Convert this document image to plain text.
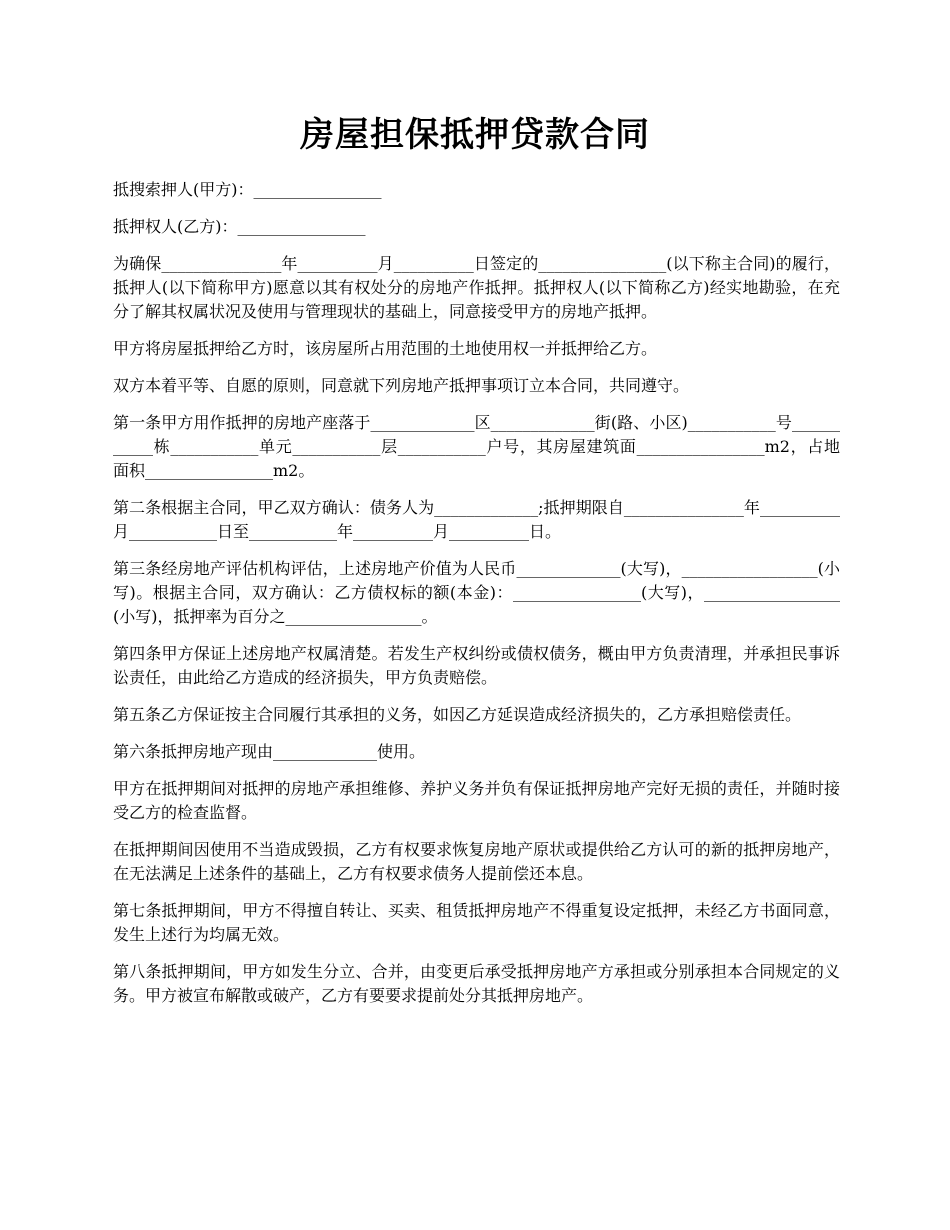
房屋担保抵押贷款合同

抵搜索押人(甲方)：________________

抵押权人(乙方)：________________

为确保_______________年__________月__________日签定的________________(以下称主合同)的履行，抵押人(以下简称甲方)愿意以其有权处分的房地产作抵押。抵押权人(以下简称乙方)经实地勘验，在充分了解其权属状况及使用与管理现状的基础上，同意接受甲方的房地产抵押。

甲方将房屋抵押给乙方时，该房屋所占用范围的土地使用权一并抵押给乙方。

双方本着平等、自愿的原则，同意就下列房地产抵押事项订立本合同，共同遵守。

第一条甲方用作抵押的房地产座落于_____________区_____________街(路、小区)___________号___________栋___________单元___________层___________户号，其房屋建筑面________________m2，占地面积________________m2。

第二条根据主合同，甲乙双方确认：债务人为_____________;抵押期限自_______________年__________月___________日至___________年__________月__________日。

第三条经房地产评估机构评估，上述房地产价值为人民币_____________(大写)，_________________(小写)。根据主合同，双方确认：乙方债权标的额(本金)：________________(大写)，_________________(小写)，抵押率为百分之_________________。

第四条甲方保证上述房地产权属清楚。若发生产权纠纷或债权债务，概由甲方负责清理，并承担民事诉讼责任，由此给乙方造成的经济损失，甲方负责赔偿。

第五条乙方保证按主合同履行其承担的义务，如因乙方延误造成经济损失的，乙方承担赔偿责任。

第六条抵押房地产现由_____________使用。

甲方在抵押期间对抵押的房地产承担维修、养护义务并负有保证抵押房地产完好无损的责任，并随时接受乙方的检查监督。

在抵押期间因使用不当造成毁损，乙方有权要求恢复房地产原状或提供给乙方认可的新的抵押房地产，在无法满足上述条件的基础上，乙方有权要求债务人提前偿还本息。

第七条抵押期间，甲方不得擅自转让、买卖、租赁抵押房地产不得重复设定抵押，未经乙方书面同意，发生上述行为均属无效。

第八条抵押期间，甲方如发生分立、合并，由变更后承受抵押房地产方承担或分别承担本合同规定的义务。甲方被宣布解散或破产，乙方有要要求提前处分其抵押房地产。
